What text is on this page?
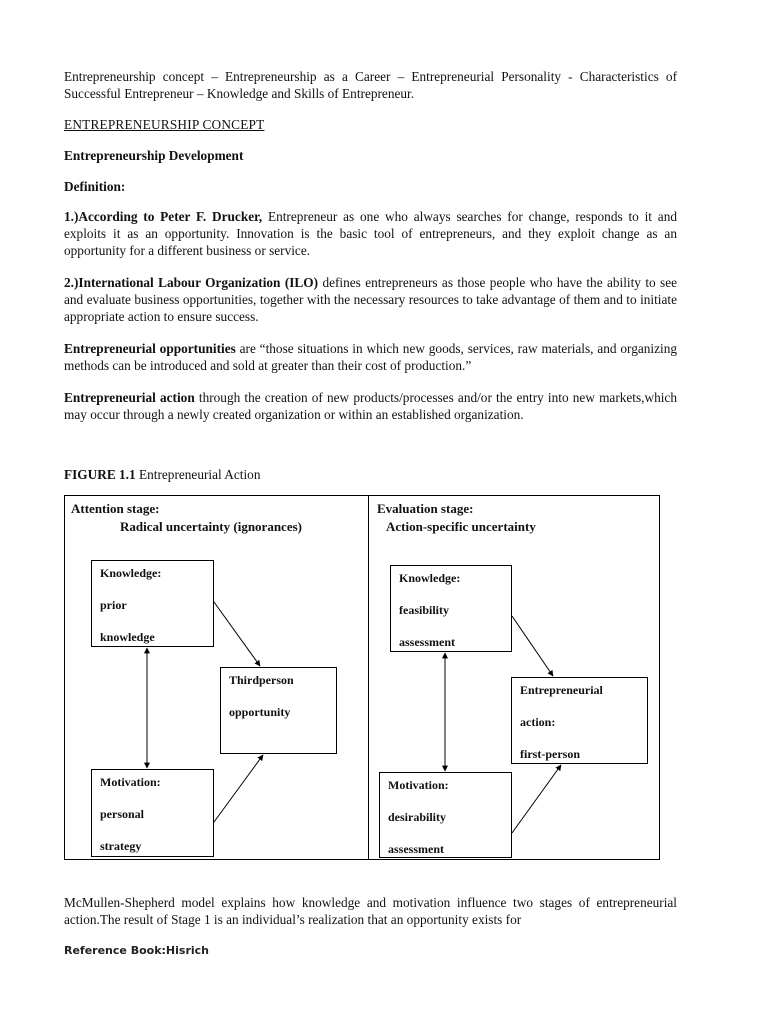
Entrepreneurship concept – Entrepreneurship as a Career – Entrepreneurial Personality - Characteristics of Successful Entrepreneur – Knowledge and Skills of Entrepreneur.

ENTREPRENEURSHIP CONCEPT

Entrepreneurship Development

Definition:

1.)According to Peter F. Drucker, Entrepreneur as one who always searches for change, responds to it and exploits it as an opportunity. Innovation is the basic tool of entrepreneurs, and they exploit change as an opportunity for a different business or service.

2.)International Labour Organization (ILO) defines entrepreneurs as those people who have the ability to see and evaluate business opportunities, together with the necessary resources to take advantage of them and to initiate appropriate action to ensure success.

Entrepreneurial opportunities are “those situations in which new goods, services, raw materials, and organizing methods can be introduced and sold at greater than their cost of production.”

Entrepreneurial action through the creation of new products/processes and/or the entry into new markets,which may occur through a newly created organization or within an established organization.

FIGURE 1.1 Entrepreneurial Action

Attention stage:

Radical uncertainty (ignorances)

Evaluation stage:

Action-specific uncertainty

Knowledge:

prior

knowledge

Thirdperson

opportunity

Motivation:

personal

strategy

Knowledge:

feasibility

assessment

Entrepreneurial

action:

first-person

Motivation:

desirability

assessment

McMullen-Shepherd model explains how knowledge and motivation influence two stages of entrepreneurial action.The result of Stage 1 is an individual’s realization that an opportunity exists for

Reference Book:Hisrich
